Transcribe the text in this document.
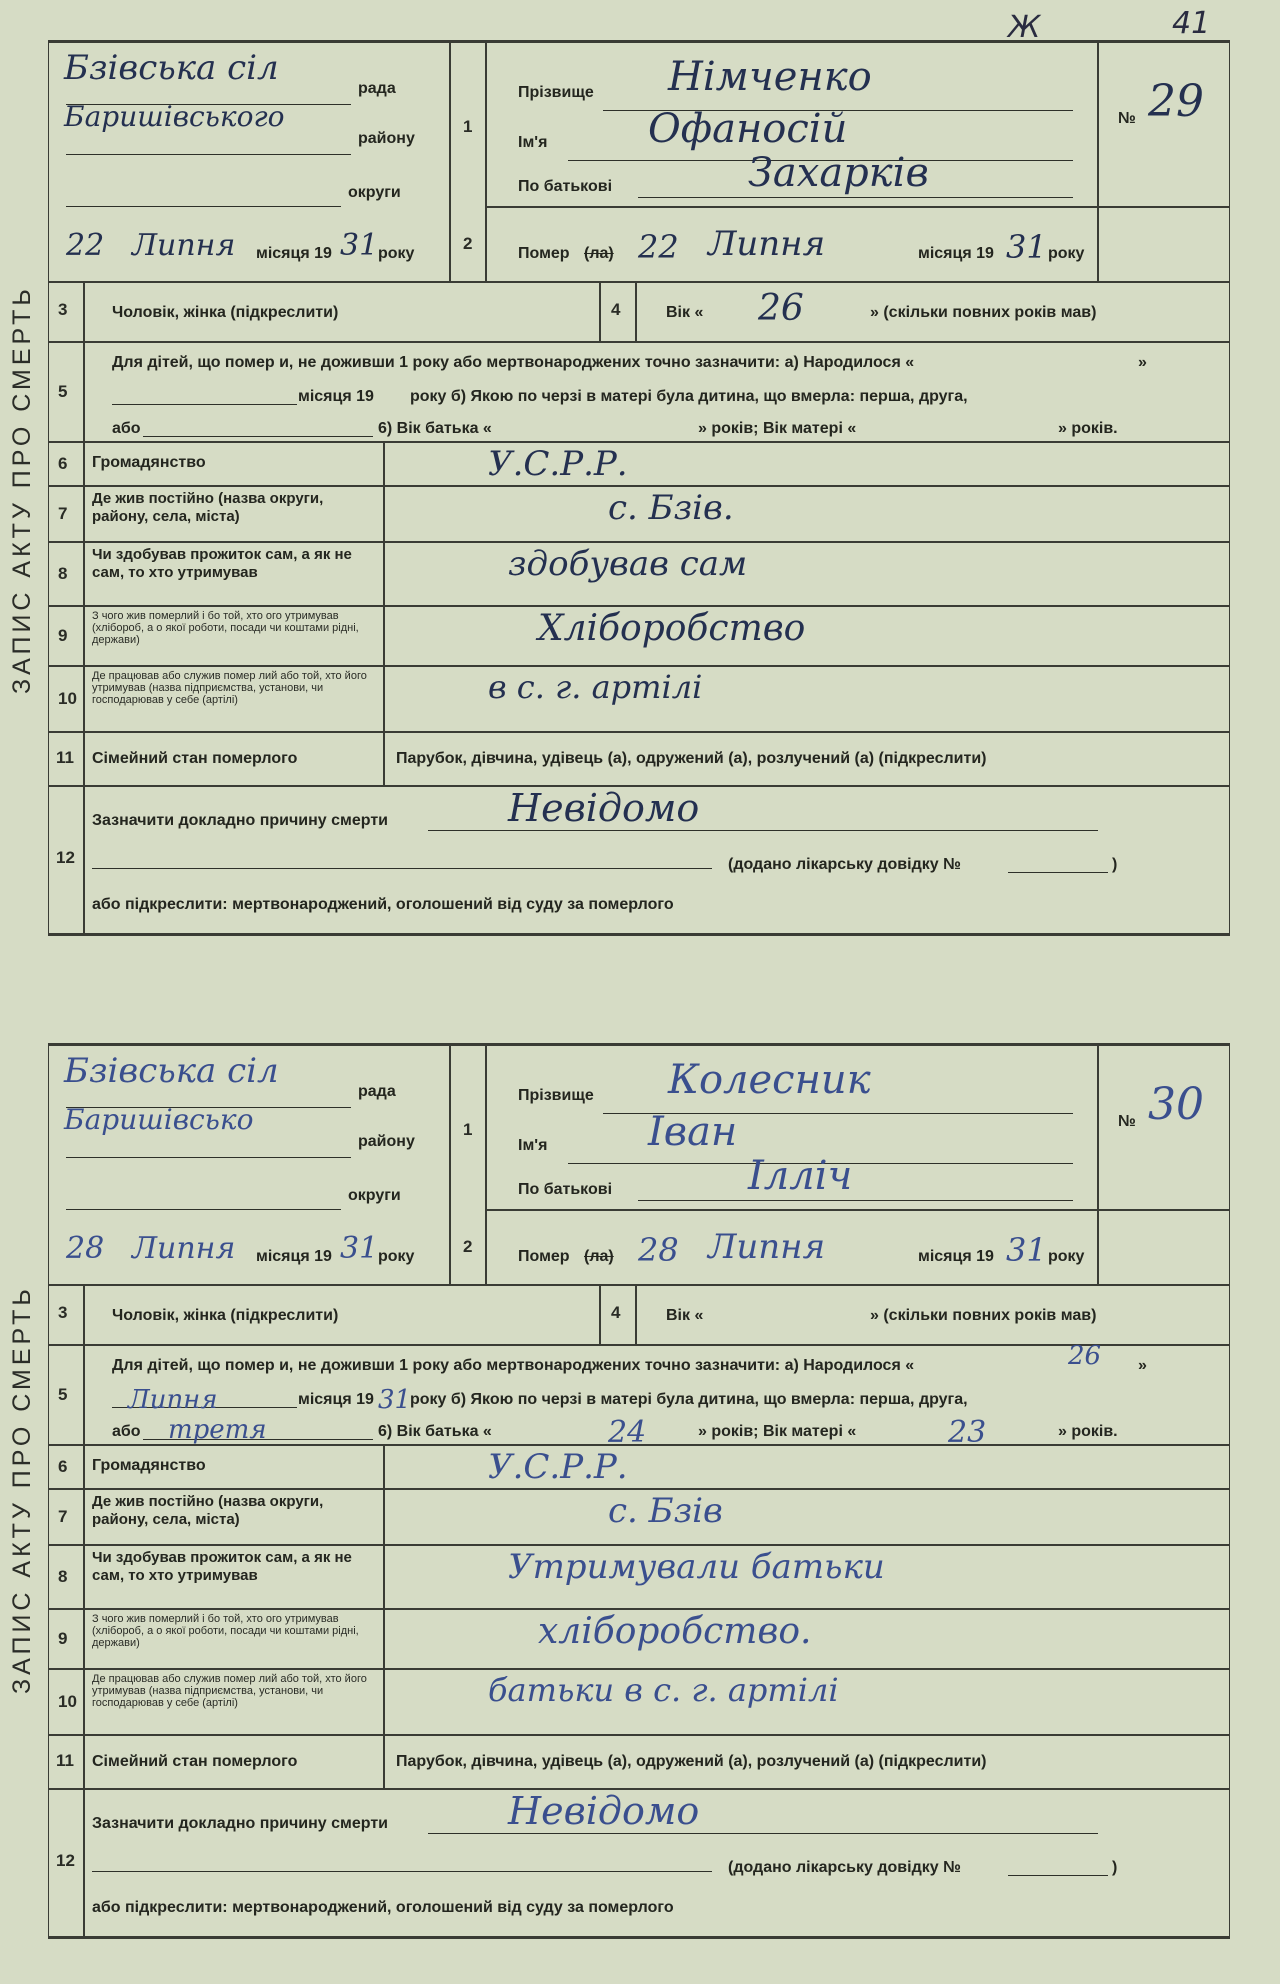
Ж	41
ЗАПИС АКТУ ПРО СМЕРТЬ
ЗАПИС АКТУ ПРО СМЕРТЬ
1
2
Бзівська сіл
рада
Баришівського
району
округи
22 Липня місяця 19 31 року
Прізвище Німченко
Ім'я	Офаносій
По батькові	Захарків
№ 29
Помер (ла) 22 Липня	місяця 19 31 року
3	Чоловік, жінка (підкреслити)	4	Вік « 26	» (скільки повних років мав)
5
Для дітей, що помер и, не доживши 1 року або мертвонароджених точно зазначити: а) Народилося «	»
місяця 19 року б) Якою по черзі в матері була дитина, що вмерла: перша, друга,
або	6) Вік батька «	» років; Вік матері «	» років.
6 Громадянство	У.С.Р.Р.
7
Де жив постійно (назва округи, району, села, міста)	с. Бзів.
8
Чи здобував прожиток сам, а як не сам, то хто утримував	здобував сам
9
З чого жив померлий і бо той, хто ого утримував (хлібороб, а о якої роботи, посади чи коштами рідні, держави)	Хліборобство
10
Де працював або служив помер лий або той, хто його утримував (назва підприємства, установи, чи господарював у себе (артілі)	в с. г. артілі
11 Сімейний стан померлого	Парубок, дівчина, удівець (а), одружений (а), розлучений (а) (підкреслити)
12
Зазначити докладно причину смерти	Невідомо
(додано лікарську довідку №	)
або підкреслити: мертвонароджений, оголошений від суду за померлого
1
2
Бзівська сіл
рада
Баришівсько
району
округи
28 Липня місяця 19 31 року
Прізвище Колесник
Ім'я	Іван
По батькові	Ілліч
№ 30
Помер (ла) 28 Липня	місяця 19 31 року
3	Чоловік, жінка (підкреслити)	4	Вік «	» (скільки повних років мав)
5
Для дітей, що помер и, не доживши 1 року або мертвонароджених точно зазначити: а) Народилося «	26 »
Липня	місяця 19 31
року б) Якою по черзі в матері була дитина, що вмерла: перша, друга,
або третя	6) Вік батька «	24	» років; Вік матері «	23	» років.
6 Громадянство	У.С.Р.Р.
7
Де жив постійно (назва округи, району, села, міста)	с. Бзів
8
Чи здобував прожиток сам, а як не сам, то хто утримував	Утримували батьки
9
З чого жив померлий і бо той, хто ого утримував (хлібороб, а о якої роботи, посади чи коштами рідні, держави)	хліборобство.
10
Де працював або служив помер лий або той, хто його утримував (назва підприємства, установи, чи господарював у себе (артілі)	батьки в с. г. артілі
11 Сімейний стан померлого	Парубок, дівчина, удівець (а), одружений (а), розлучений (а) (підкреслити)
12
Зазначити докладно причину смерти	Невідомо
(додано лікарську довідку №	)
або підкреслити: мертвонароджений, оголошений від суду за померлого
